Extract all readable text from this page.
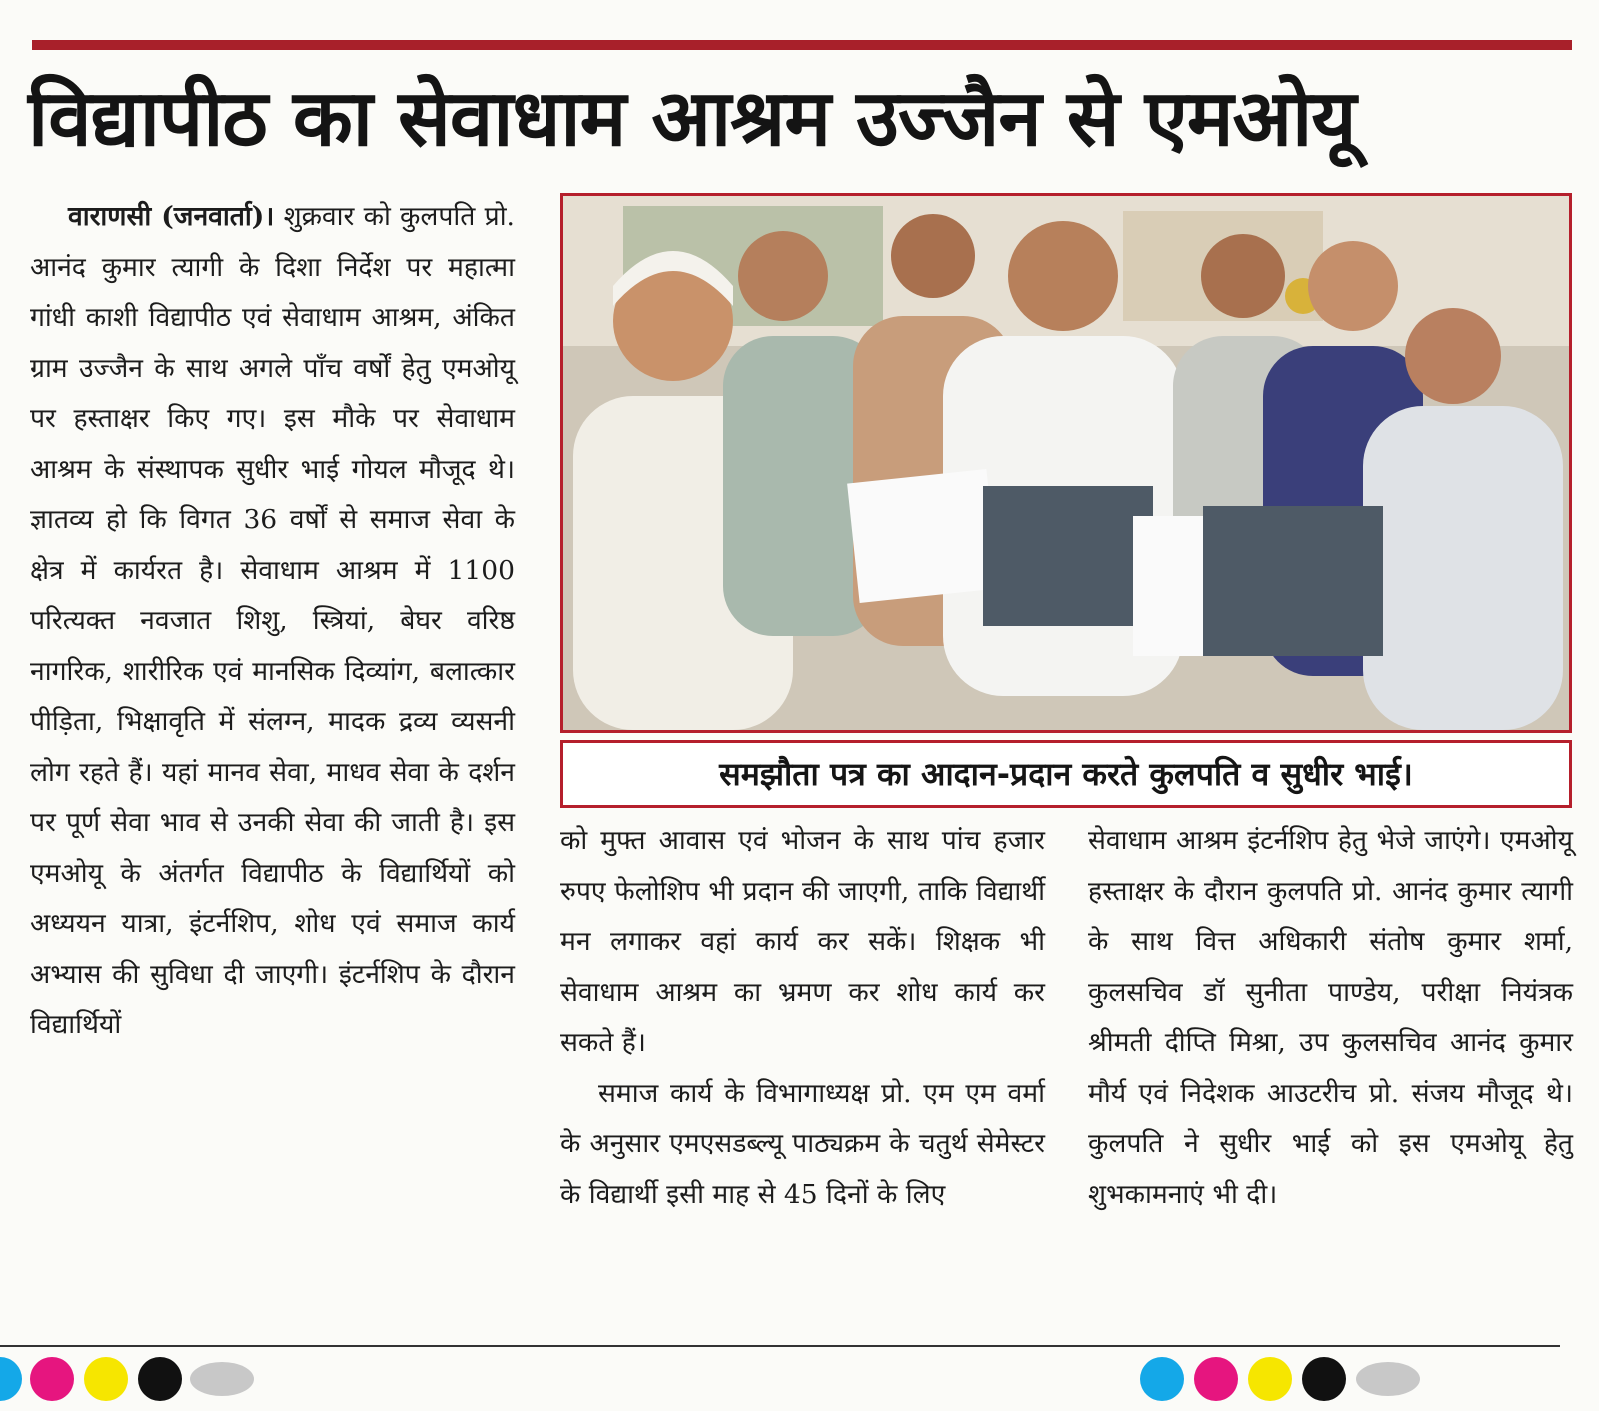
विद्यापीठ का सेवाधाम आश्रम उज्जैन से एमओयू

वाराणसी (जनवार्ता)। शुक्रवार को कुलपति प्रो. आनंद कुमार त्यागी के दिशा निर्देश पर महात्मा गांधी काशी विद्यापीठ एवं सेवाधाम आश्रम, अंकित ग्राम उज्जैन के साथ अगले पाँच वर्षों हेतु एमओयू पर हस्ताक्षर किए गए। इस मौके पर सेवाधाम आश्रम के संस्थापक सुधीर भाई गोयल मौजूद थे। ज्ञातव्य हो कि विगत 36 वर्षों से समाज सेवा के क्षेत्र में कार्यरत है। सेवाधाम आश्रम में 1100 परित्यक्त नवजात शिशु, स्त्रियां, बेघर वरिष्ठ नागरिक, शारीरिक एवं मानसिक दिव्यांग, बलात्कार पीड़िता, भिक्षावृति में संलग्न, मादक द्रव्य व्यसनी लोग रहते हैं। यहां मानव सेवा, माधव सेवा के दर्शन पर पूर्ण सेवा भाव से उनकी सेवा की जाती है। इस एमओयू के अंतर्गत विद्यापीठ के विद्यार्थियों को अध्ययन यात्रा, इंटर्नशिप, शोध एवं समाज कार्य अभ्यास की सुविधा दी जाएगी। इंटर्नशिप के दौरान विद्यार्थियों

समझौता पत्र का आदान-प्रदान करते कुलपति व सुधीर भाई।

को मुफ्त आवास एवं भोजन के साथ पांच हजार रुपए फेलोशिप भी प्रदान की जाएगी, ताकि विद्यार्थी मन लगाकर वहां कार्य कर सकें। शिक्षक भी सेवाधाम आश्रम का भ्रमण कर शोध कार्य कर सकते हैं।

समाज कार्य के विभागाध्यक्ष प्रो. एम एम वर्मा के अनुसार एमएसडब्ल्यू पाठ्यक्रम के चतुर्थ सेमेस्टर के विद्यार्थी इसी माह से 45 दिनों के लिए

सेवाधाम आश्रम इंटर्नशिप हेतु भेजे जाएंगे। एमओयू हस्ताक्षर के दौरान कुलपति प्रो. आनंद कुमार त्यागी के साथ वित्त अधिकारी संतोष कुमार शर्मा, कुलसचिव डॉ सुनीता पाण्डेय, परीक्षा नियंत्रक श्रीमती दीप्ति मिश्रा, उप कुलसचिव आनंद कुमार मौर्य एवं निदेशक आउटरीच प्रो. संजय मौजूद थे। कुलपति ने सुधीर भाई को इस एमओयू हेतु शुभकामनाएं भी दी।
